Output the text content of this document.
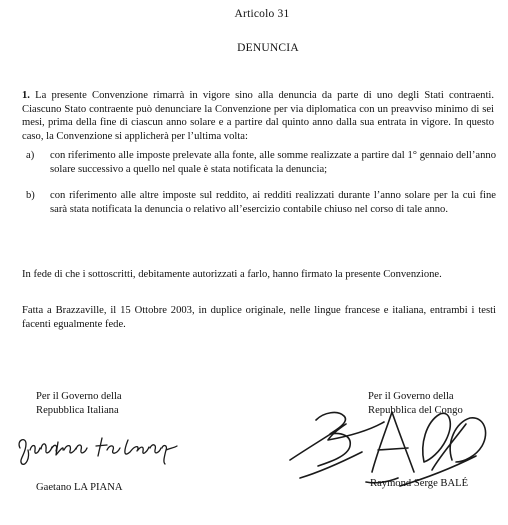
Articolo 31
DENUNCIA

1. La presente Convenzione rimarrà in vigore sino alla denuncia da parte di uno degli Stati contraenti. Ciascuno Stato contraente può denunciare la Convenzione per via diplomatica con un preavviso minimo di sei mesi, prima della fine di ciascun anno solare e a partire dal quinto anno dalla sua entrata in vigore. In questo caso, la Convenzione si applicherà per l’ultima volta:

a)	con riferimento alle imposte prelevate alla fonte, alle somme realizzate a partire dal 1° gennaio dell’anno solare successivo a quello nel quale è stata notificata la denuncia;
b)	con riferimento alle altre imposte sul reddito, ai redditi realizzati durante l’anno solare per la cui fine sarà stata notificata la denuncia o relativo all’esercizio contabile chiuso nel corso di tale anno.

In fede di che i sottoscritti, debitamente autorizzati a farlo, hanno firmato la presente Convenzione.

Fatta a Brazzaville, il 15 Ottobre 2003, in duplice originale, nelle lingue francese e italiana, entrambi i testi facenti egualmente fede.

Per il Governo della
Repubblica Italiana
Per il Governo della
Repubblica del Congo
Gaetano LA PIANA	Raymond Serge BALÉ
